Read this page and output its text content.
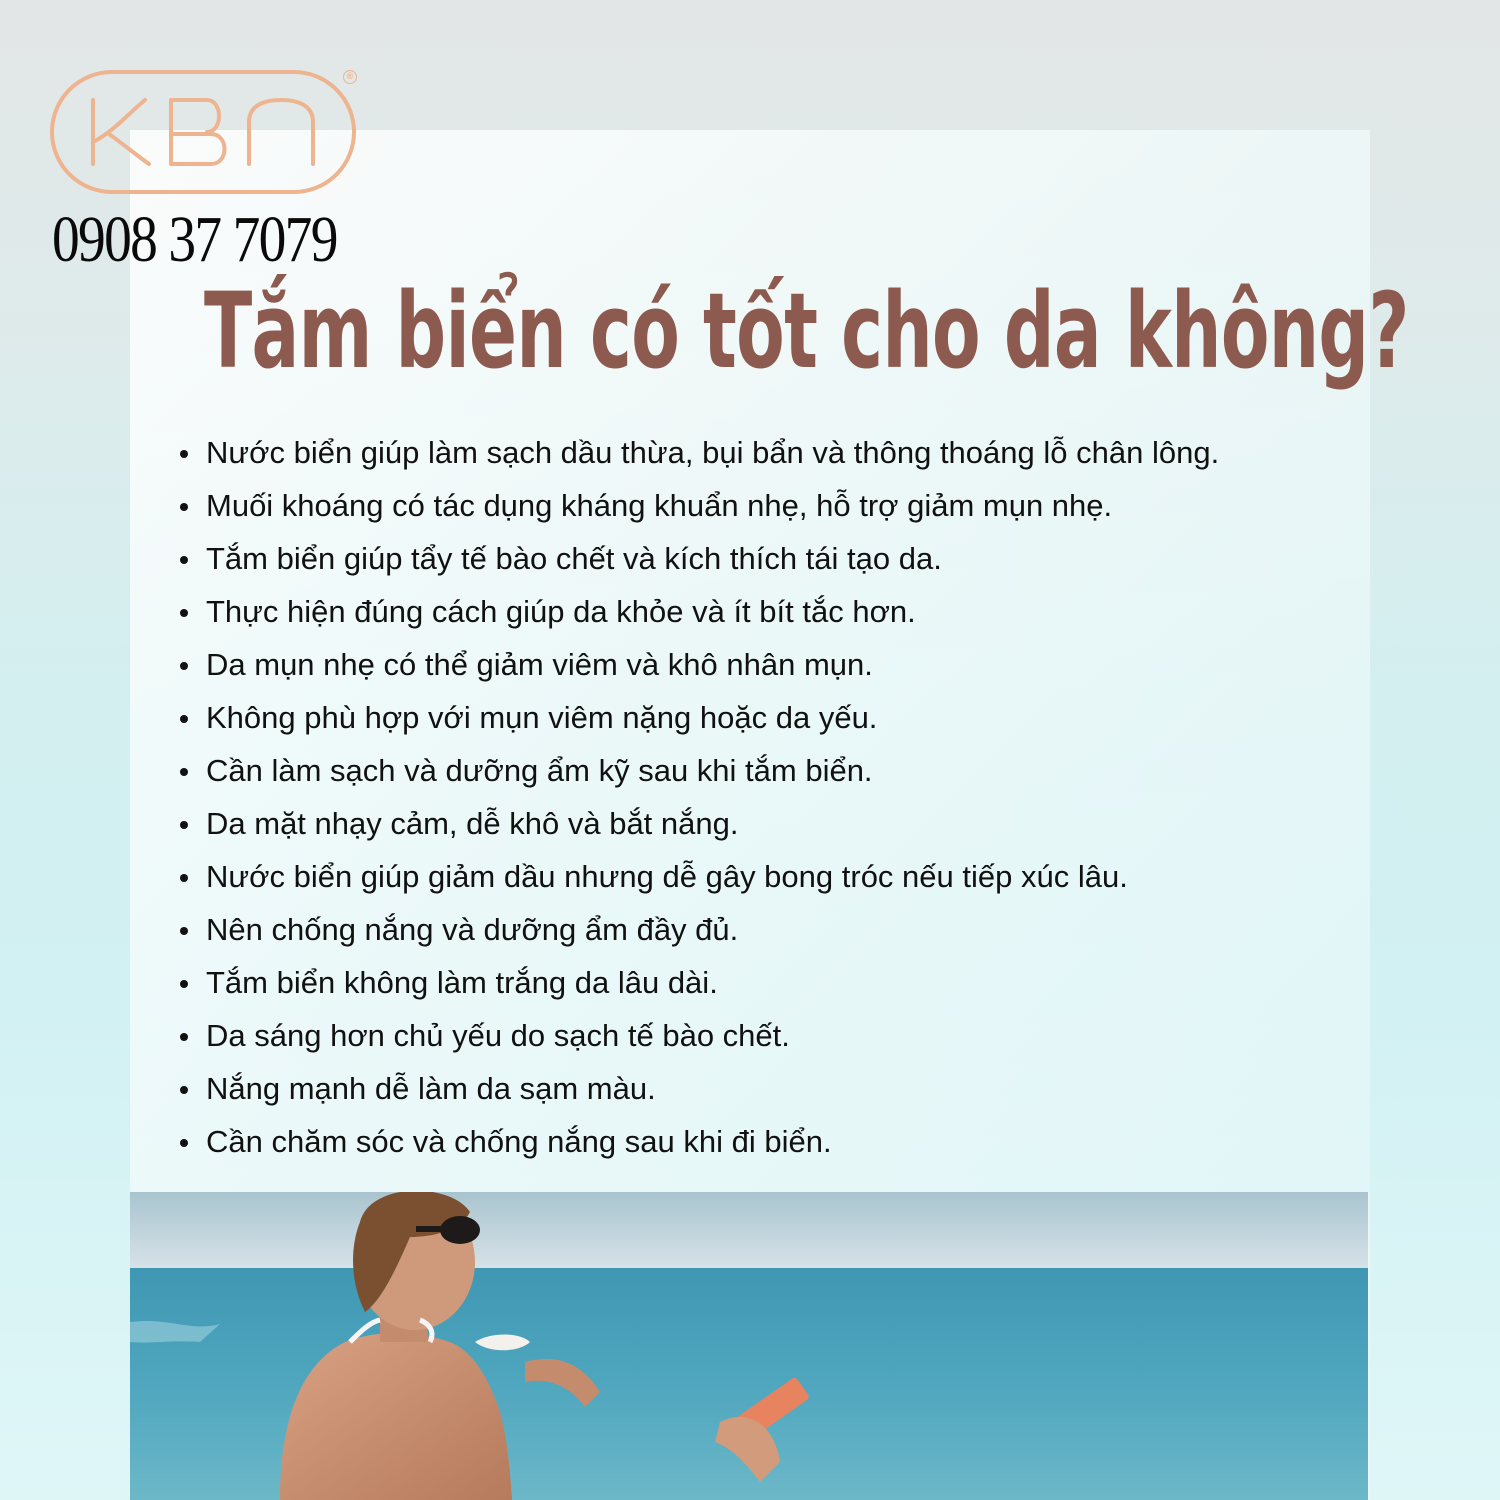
®
0908 37 7079
Tắm biển có tốt cho da không?
Nước biển giúp làm sạch dầu thừa, bụi bẩn và thông thoáng lỗ chân lông.
Muối khoáng có tác dụng kháng khuẩn nhẹ, hỗ trợ giảm mụn nhẹ.
Tắm biển giúp tẩy tế bào chết và kích thích tái tạo da.
Thực hiện đúng cách giúp da khỏe và ít bít tắc hơn.
Da mụn nhẹ có thể giảm viêm và khô nhân mụn.
Không phù hợp với mụn viêm nặng hoặc da yếu.
Cần làm sạch và dưỡng ẩm kỹ sau khi tắm biển.
Da mặt nhạy cảm, dễ khô và bắt nắng.
Nước biển giúp giảm dầu nhưng dễ gây bong tróc nếu tiếp xúc lâu.
Nên chống nắng và dưỡng ẩm đầy đủ.
Tắm biển không làm trắng da lâu dài.
Da sáng hơn chủ yếu do sạch tế bào chết.
Nắng mạnh dễ làm da sạm màu.
Cần chăm sóc và chống nắng sau khi đi biển.
